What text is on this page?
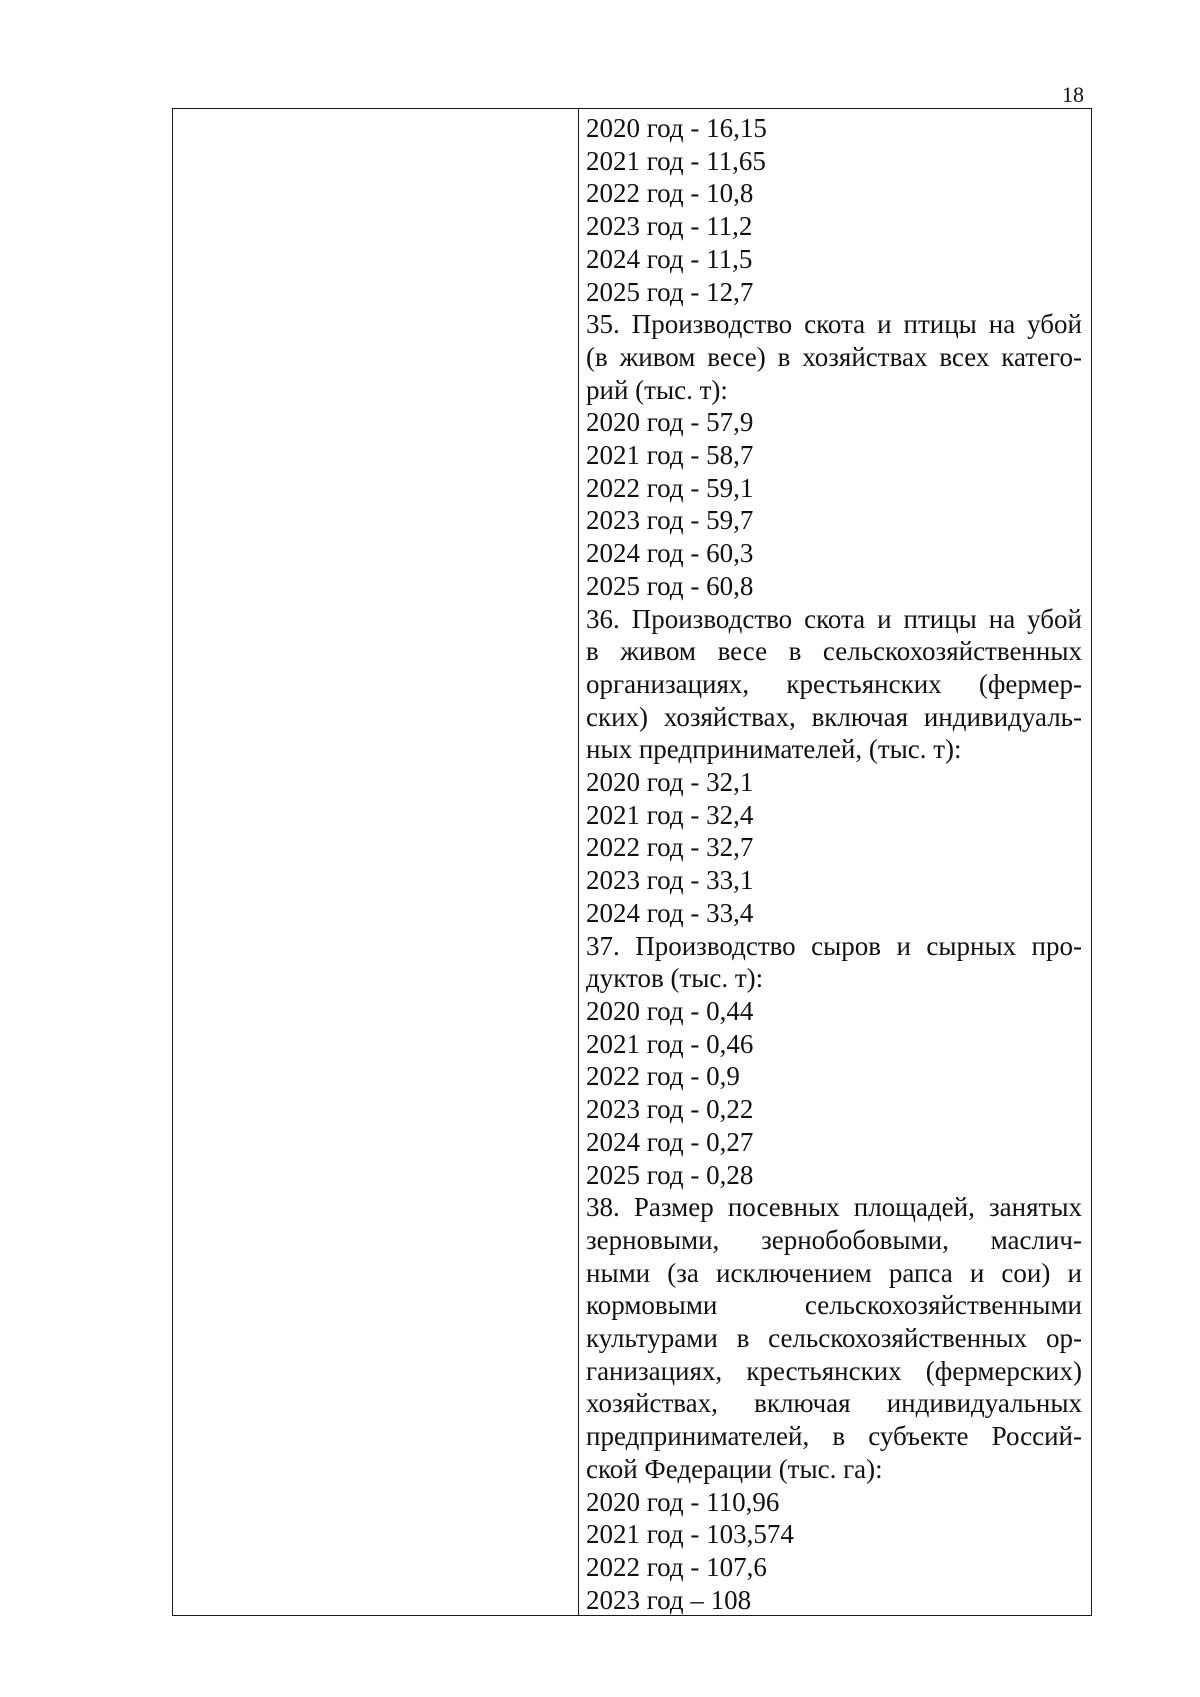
18
2020 год - 16,15
2021 год - 11,65
2022 год - 10,8
2023 год - 11,2
2024 год - 11,5
2025 год - 12,7
35. Производство скота и птицы на убой
(в живом весе) в хозяйствах всех катего-
рий (тыс. т):
2020 год - 57,9
2021 год - 58,7
2022 год - 59,1
2023 год - 59,7
2024 год - 60,3
2025 год - 60,8
36. Производство скота и птицы на убой
в живом весе в сельскохозяйственных
организациях, крестьянских (фермер-
ских) хозяйствах, включая индивидуаль-
ных предпринимателей, (тыс. т):
2020 год - 32,1
2021 год - 32,4
2022 год - 32,7
2023 год - 33,1
2024 год - 33,4
37. Производство сыров и сырных про-
дуктов (тыс. т):
2020 год - 0,44
2021 год - 0,46
2022 год - 0,9
2023 год - 0,22
2024 год - 0,27
2025 год - 0,28
38. Размер посевных площадей, занятых
зерновыми, зернобобовыми, маслич-
ными (за исключением рапса и сои) и
кормовыми	сельскохозяйственными
культурами в сельскохозяйственных ор-
ганизациях, крестьянских (фермерских)
хозяйствах, включая индивидуальных
предпринимателей, в субъекте Россий-
ской Федерации (тыс. га):
2020 год - 110,96
2021 год - 103,574
2022 год - 107,6
2023 год – 108
